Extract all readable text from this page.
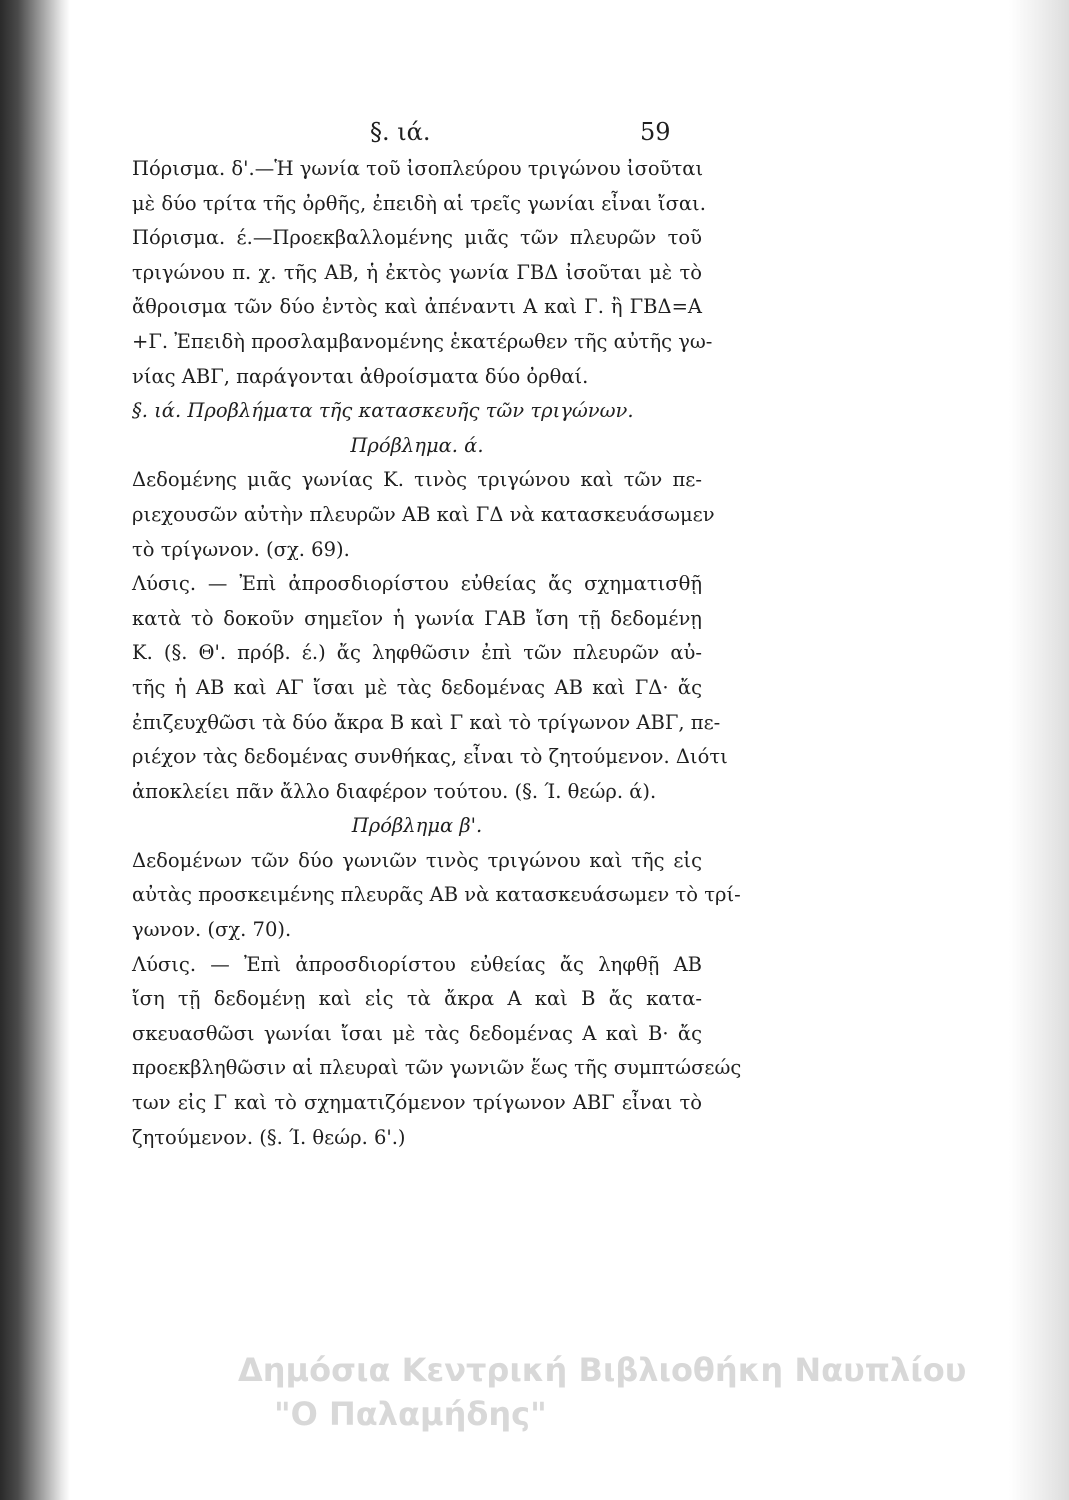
§. ιά.	59
Πόρισμα. δ'.—Ἡ γωνία τοῦ ἰσοπλεύρου τριγώνου ἰσοῦται
μὲ δύο τρίτα τῆς ὀρθῆς, ἐπειδὴ αἱ τρεῖς γωνίαι εἶναι ἴσαι.
Πόρισμα. έ.—Προεκβαλλομένης μιᾶς τῶν πλευρῶν τοῦ
τριγώνου π. χ. τῆς ΑΒ, ἡ ἐκτὸς γωνία ΓΒΔ ἰσοῦται μὲ τὸ
ἄθροισμα τῶν δύο ἐντὸς καὶ ἀπέναντι Α καὶ Γ. ἢ ΓΒΔ=Α
+Γ. Ἐπειδὴ προσλαμβανομένης ἑκατέρωθεν τῆς αὐτῆς γω-
νίας ΑΒΓ, παράγονται ἀθροίσματα δύο ὀρθαί.
§. ιά. Προβλήματα τῆς κατασκευῆς τῶν τριγώνων.
Πρόβλημα. ά.
Δεδομένης μιᾶς γωνίας Κ. τινὸς τριγώνου καὶ τῶν πε-
ριεχουσῶν αὐτὴν πλευρῶν ΑΒ καὶ ΓΔ νὰ κατασκευάσωμεν
τὸ τρίγωνον. (σχ. 69).
Λύσις. — Ἐπὶ ἀπροσδιορίστου εὐθείας ἄς σχηματισθῇ
κατὰ τὸ δοκοῦν σημεῖον ἡ γωνία ΓΑΒ ἴση τῇ δεδομένῃ
Κ. (§. Θ'. πρόβ. έ.) ἄς ληφθῶσιν ἐπὶ τῶν πλευρῶν αὐ-
τῆς ἡ ΑΒ καὶ ΑΓ ἴσαι μὲ τὰς δεδομένας ΑΒ καὶ ΓΔ· ἄς
ἐπιζευχθῶσι τὰ δύο ἄκρα Β καὶ Γ καὶ τὸ τρίγωνον ΑΒΓ, πε-
ριέχον τὰς δεδομένας συνθήκας, εἶναι τὸ ζητούμενον. Διότι
ἀποκλείει πᾶν ἄλλο διαφέρον τούτου. (§. Ί. θεώρ. ά).
Πρόβλημα β'.
Δεδομένων τῶν δύο γωνιῶν τινὸς τριγώνου καὶ τῆς εἰς
αὐτὰς προσκειμένης πλευρᾶς ΑΒ νὰ κατασκευάσωμεν τὸ τρί-
γωνον. (σχ. 70).
Λύσις. — Ἐπὶ ἀπροσδιορίστου εὐθείας ἄς ληφθῇ ΑΒ
ἴση τῇ δεδομένῃ καὶ εἰς τὰ ἄκρα Α καὶ Β ἄς κατα-
σκευασθῶσι γωνίαι ἴσαι μὲ τὰς δεδομένας Α καὶ Β· ἄς
προεκβληθῶσιν αἱ πλευραὶ τῶν γωνιῶν ἕως τῆς συμπτώσεώς
των εἰς Γ καὶ τὸ σχηματιζόμενον τρίγωνον ΑΒΓ εἶναι τὸ
ζητούμενον. (§. Ί. θεώρ. 6'.)
Δημόσια Κεντρική Βιβλιοθήκη Ναυπλίου
"Ο Παλαμήδης"
